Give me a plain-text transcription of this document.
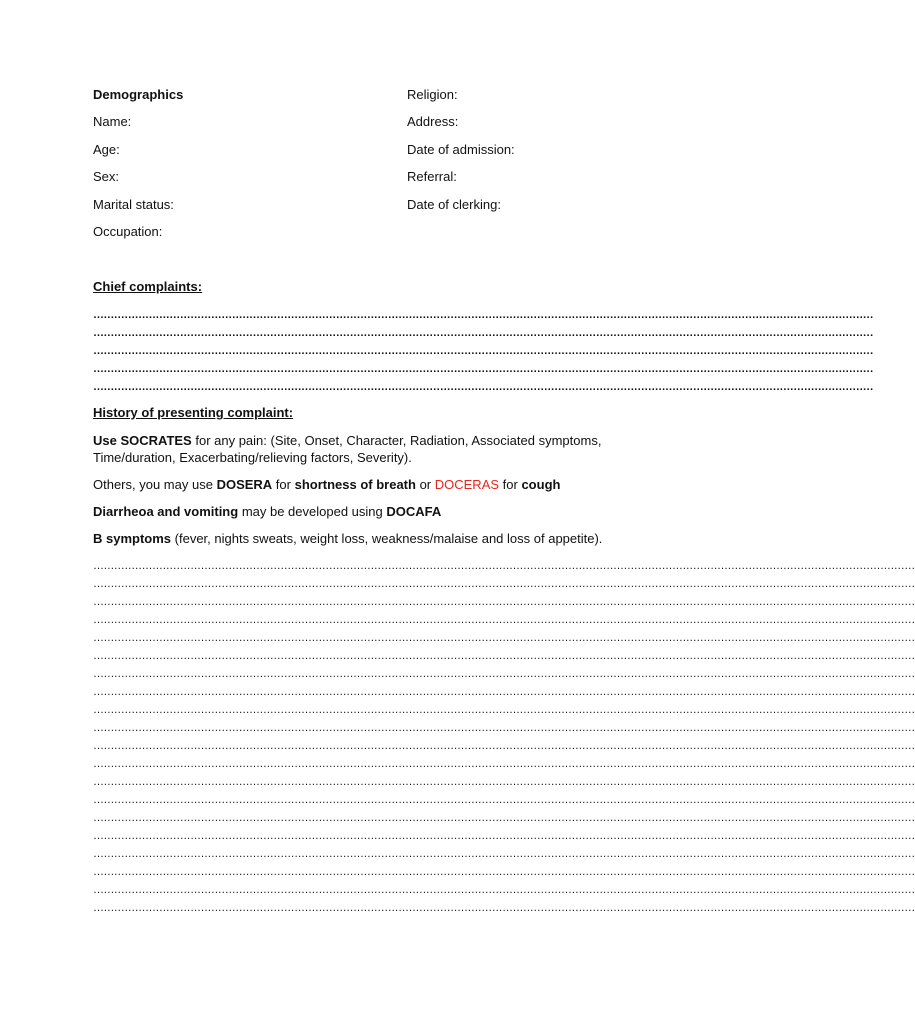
Demographics
Name:
Age:
Sex:
Marital status:
Occupation:
Religion:
Address:
Date of admission:
Referral:
Date of clerking:
Chief complaints:
………………………………………………………………………………………………………………………………………………………………………………………………………
………………………………………………………………………………………………………………………………………………………………………………………………………
………………………………………………………………………………………………………………………………………………………………………………………………………
………………………………………………………………………………………………………………………………………………………………………………………………………
………………………………………………………………………………………………………………………………………………………………………………………………………
History of presenting complaint:
Use SOCRATES for any pain: (Site, Onset, Character, Radiation, Associated symptoms, Time/duration, Exacerbating/relieving factors, Severity).
Others, you may use DOSERA for shortness of breath or DOCERAS for cough
Diarrheoa and vomiting may be developed using DOCAFA
B symptoms (fever, nights sweats, weight loss, weakness/malaise and loss of appetite).
…………………………………………………………………………………………………………………………………………………………………………………………………………………
…………………………………………………………………………………………………………………………………………………………………………………………………………………
…………………………………………………………………………………………………………………………………………………………………………………………………………………
…………………………………………………………………………………………………………………………………………………………………………………………………………………
…………………………………………………………………………………………………………………………………………………………………………………………………………………
…………………………………………………………………………………………………………………………………………………………………………………………………………………
…………………………………………………………………………………………………………………………………………………………………………………………………………………
…………………………………………………………………………………………………………………………………………………………………………………………………………………
…………………………………………………………………………………………………………………………………………………………………………………………………………………
…………………………………………………………………………………………………………………………………………………………………………………………………………………
…………………………………………………………………………………………………………………………………………………………………………………………………………………
…………………………………………………………………………………………………………………………………………………………………………………………………………………
…………………………………………………………………………………………………………………………………………………………………………………………………………………
…………………………………………………………………………………………………………………………………………………………………………………………………………………
…………………………………………………………………………………………………………………………………………………………………………………………………………………
…………………………………………………………………………………………………………………………………………………………………………………………………………………
…………………………………………………………………………………………………………………………………………………………………………………………………………………
…………………………………………………………………………………………………………………………………………………………………………………………………………………
…………………………………………………………………………………………………………………………………………………………………………………………………………………
…………………………………………………………………………………………………………………………………………………………………………………………………………………
